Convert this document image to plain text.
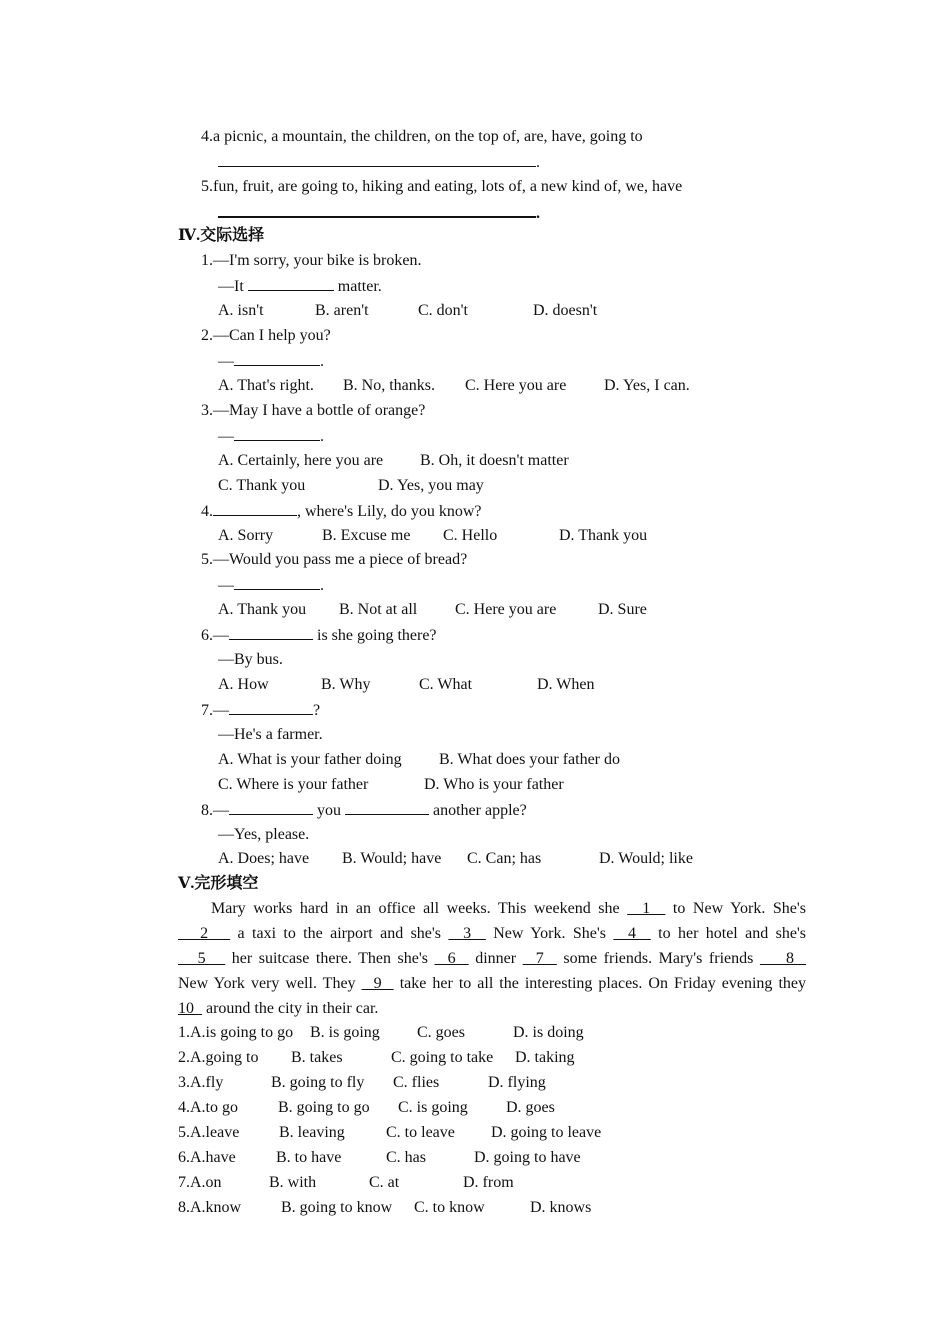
4.a picnic, a mountain, the children, on the top of, are, have, going to
.
5.fun, fruit, are going to, hiking and eating, lots of, a new kind of, we, have
.
Ⅳ.交际选择
1.—I'm sorry, your bike is broken.
—It	matter.
A. isn't	B. aren't	C. don't	D. doesn't
2.—Can I help you?
—	.
A. That's right. B. No, thanks. C. Here you are D. Yes, I can.
3.—May I have a bottle of orange?
—	.
A. Certainly, here you are B. Oh, it doesn't matter
C. Thank you	D. Yes, you may
4.	, where's Lily, do you know?
A. Sorry	B. Excuse me C. Hello	D. Thank you
5.—Would you pass me a piece of bread?
—	.
A. Thank you B. Not at all C. Here you are	D. Sure
6.—	is she going there?
—By bus.
A. How	B. Why	C. What	D. When
7.—	?
—He's a farmer.
A. What is your father doing B. What does your father do
C. Where is your father	D. Who is your father
8.—	you	another apple?
—Yes, please.
A. Does; have B. Would; have C. Can; has	D. Would; like
Ⅴ.完形填空
Mary works hard in an office all weeks. This weekend she   1   to New York. She's
2    a taxi to the airport and she's   3   New York. She's   4   to her hotel and she's
5    her suitcase there. Then she's   6   dinner   7   some friends. Mary's friends     8
New York very well. They   9   take her to all the interesting places. On Friday evening they
10   around the city in their car.
1.A.is going to go B. is going C. goes	D. is doing
2.A.going to B. takes	C. going to take D. taking
3.A.fly	B. going to fly C. flies	D. flying
4.A.to go	B. going to go C. is going D. goes
5.A.leave B. leaving	C. to leave D. going to leave
6.A.have	B. to have	C. has	D. going to have
7.A.on	B. with	C. at	D. from
8.A.know B. going to know C. to know	D. knows
